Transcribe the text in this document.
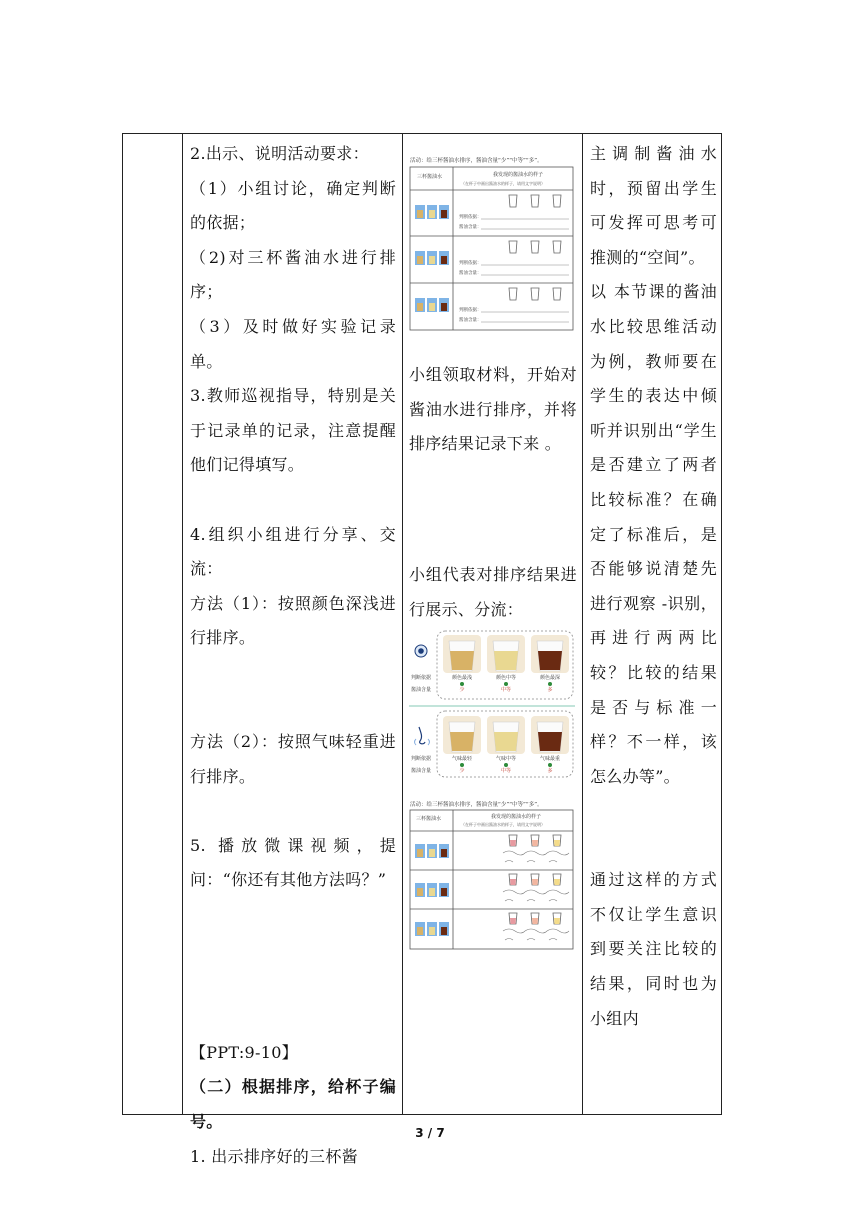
2.出示、说明活动要求：
（1）小组讨论，确定判断的依据；
（2)对三杯酱油水进行排序；
（3）及时做好实验记录单。
3.教师巡视指导，特别是关于记录单的记录，注意提醒他们记得填写。
4.组织小组进行分享、交流：
方法（1）：按照颜色深浅进行排序。
方法（2）：按照气味轻重进行排序。
5. 播放微课视频，提问：“你还有其他方法吗？”
【PPT:9-10】
（二）根据排序，给杯子编号。
1. 出示排序好的三杯酱

活动：给三杯酱油水排序，酱油含量“少”“中等”“多”。
三杯酱油水	我发现的酱油水的样子
（在杯子中画出酱油水的样子，请用文字说明）
判断依据：
酱油含量：
判断依据：
酱油含量：
判断依据：
酱油含量：
小组领取材料，开始对酱油水进行排序，并将排序结果记录下来 。
小组代表对排序结果进行展示、分流：
判断依据
酱油含量
判断依据
酱油含量
颜色最浅
少
颜色中等
中等
颜色最深
多
气味最轻
少
气味中等
中等
气味最重
多
活动：给三杯酱油水排序，酱油含量“少”“中等”“多”。
三杯酱油水	我发现的酱油水的样子
（在杯子中画出酱油水的样子，请用文字说明）

主调制酱油水时，预留出学生可发挥可思考可推测的“空间”。
以 本节课的酱油水比较思维活动为例，教师要在学生的表达中倾听并识别出“学生是否建立了两者比较标准？在确定了标准后，是否能够说清楚先进行观察 -识别，再进行两两比较？比较的结果是否与标准一样？不一样，该怎么办等”。
通过这样的方式不仅让学生意识到要关注比较的结果，同时也为小组内
3 / 7
